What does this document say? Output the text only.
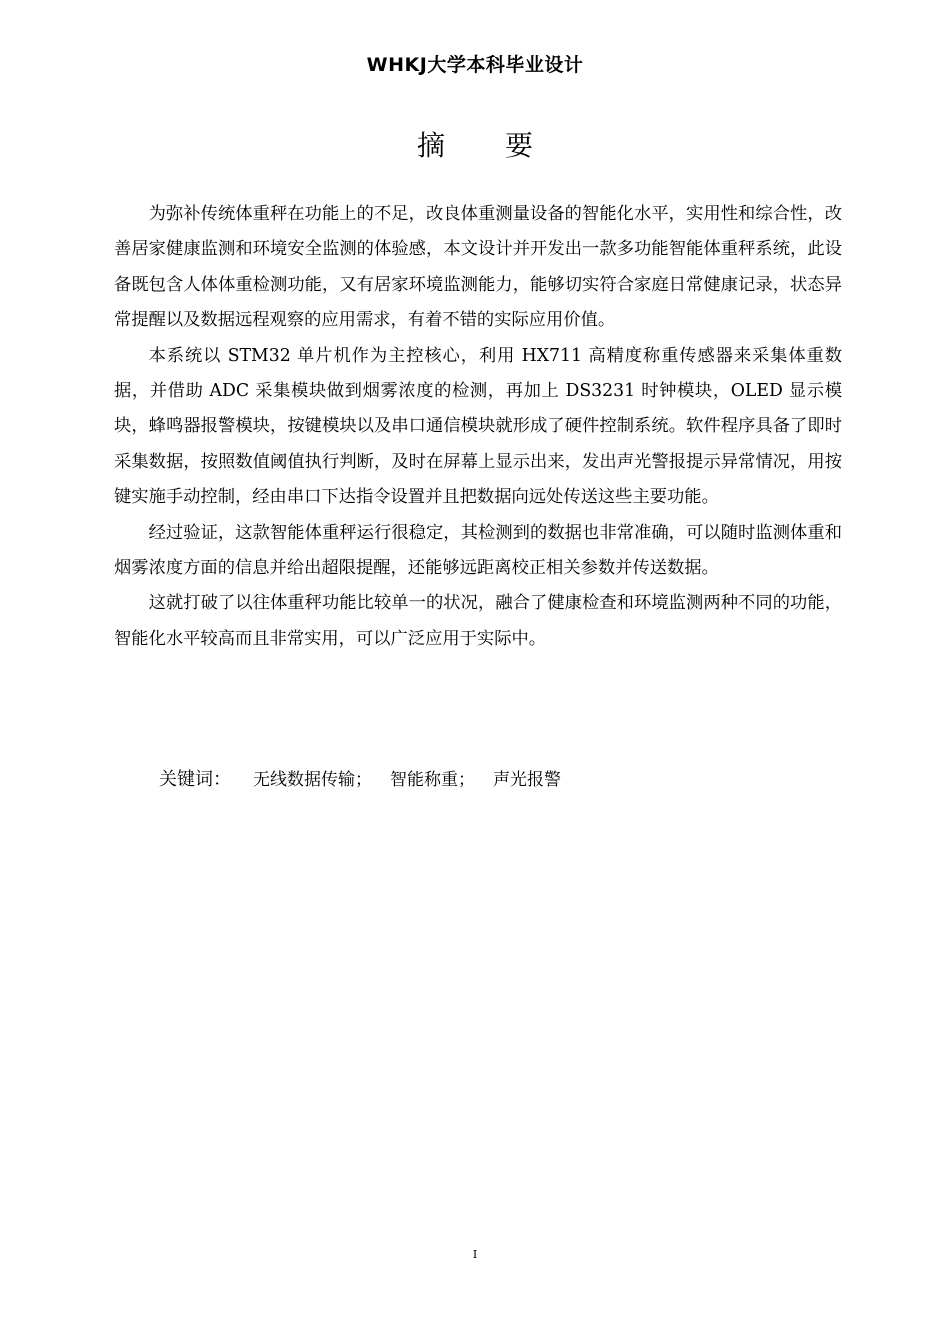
WHKJ大学本科毕业设计
摘要

为弥补传统体重秤在功能上的不足，改良体重测量设备的智能化水平，实用性和综合性，改善居家健康监测和环境安全监测的体验感，本文设计并开发出一款多功能智能体重秤系统，此设备既包含人体体重检测功能，又有居家环境监测能力，能够切实符合家庭日常健康记录，状态异常提醒以及数据远程观察的应用需求，有着不错的实际应用价值。

本系统以 STM32 单片机作为主控核心，利用 HX711 高精度称重传感器来采集体重数据，并借助 ADC 采集模块做到烟雾浓度的检测，再加上 DS3231 时钟模块，OLED 显示模块，蜂鸣器报警模块，按键模块以及串口通信模块就形成了硬件控制系统。软件程序具备了即时采集数据，按照数值阈值执行判断，及时在屏幕上显示出来，发出声光警报提示异常情况，用按键实施手动控制，经由串口下达指令设置并且把数据向远处传送这些主要功能。

经过验证，这款智能体重秤运行很稳定，其检测到的数据也非常准确，可以随时监测体重和烟雾浓度方面的信息并给出超限提醒，还能够远距离校正相关参数并传送数据。

这就打破了以往体重秤功能比较单一的状况，融合了健康检查和环境监测两种不同的功能，智能化水平较高而且非常实用，可以广泛应用于实际中。

关键词： 无线数据传输； 智能称重； 声光报警
I
